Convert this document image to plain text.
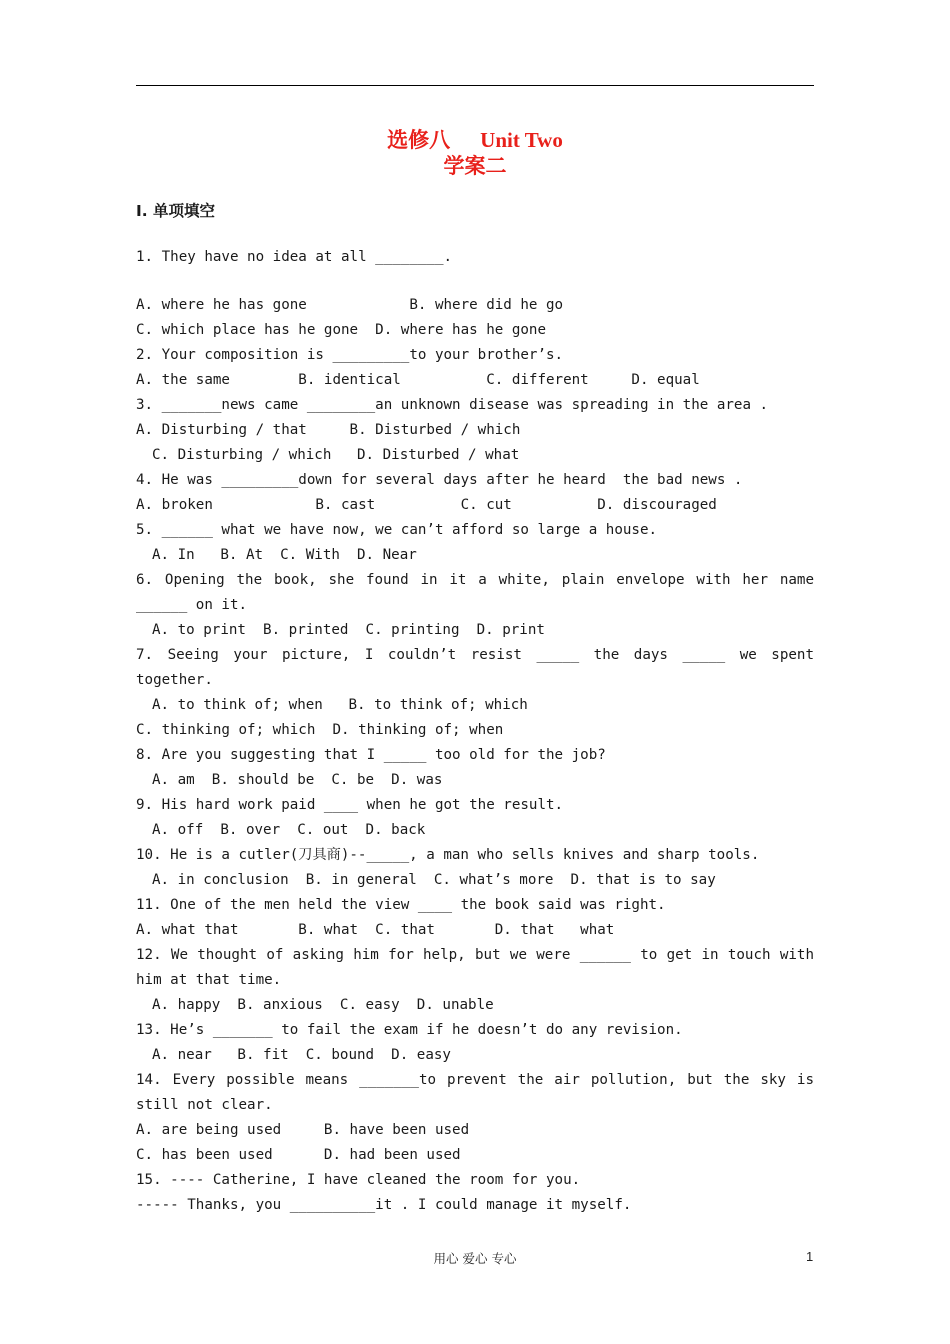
选修八 Unit Two
学案二
I. 单项填空
1. They have no idea at all ________.
A. where he has gone            B. where did he go
C. which place has he gone  D. where has he gone
2. Your composition is _________to your brother’s.
A. the same        B. identical          C. different     D. equal
3. _______news came ________an unknown disease was spreading in the area .
A. Disturbing / that     B. Disturbed / which
C. Disturbing / which   D. Disturbed / what
4. He was _________down for several days after he heard  the bad news .
A. broken            B. cast          C. cut          D. discouraged
5. ______ what we have now, we can’t afford so large a house.
A. In   B. At  C. With  D. Near
6. Opening the book, she found in it a white, plain envelope with her name
______ on it.
A. to print  B. printed  C. printing  D. print
7. Seeing your picture, I couldn’t resist _____ the days _____ we spent
together.
A. to think of; when   B. to think of; which
C. thinking of; which  D. thinking of; when
8. Are you suggesting that I _____ too old for the job?
A. am  B. should be  C. be  D. was
9. His hard work paid ____ when he got the result.
A. off  B. over  C. out  D. back
10. He is a cutler(刀具商)--_____, a man who sells knives and sharp tools.
A. in conclusion  B. in general  C. what’s more  D. that is to say
11. One of the men held the view ____ the book said was right.
A. what that       B. what  C. that       D. that   what
12. We thought of asking him for help, but we were ______ to get in touch with
him at that time.
A. happy  B. anxious  C. easy  D. unable
13. He’s _______ to fail the exam if he doesn’t do any revision.
A. near   B. fit  C. bound  D. easy
14. Every possible means _______to prevent the air pollution, but the sky is
still not clear.
A. are being used     B. have been used
C. has been used      D. had been used
15. ---- Catherine, I have cleaned the room for you.
----- Thanks, you __________it . I could manage it myself.
用心 爱心 专心	1
